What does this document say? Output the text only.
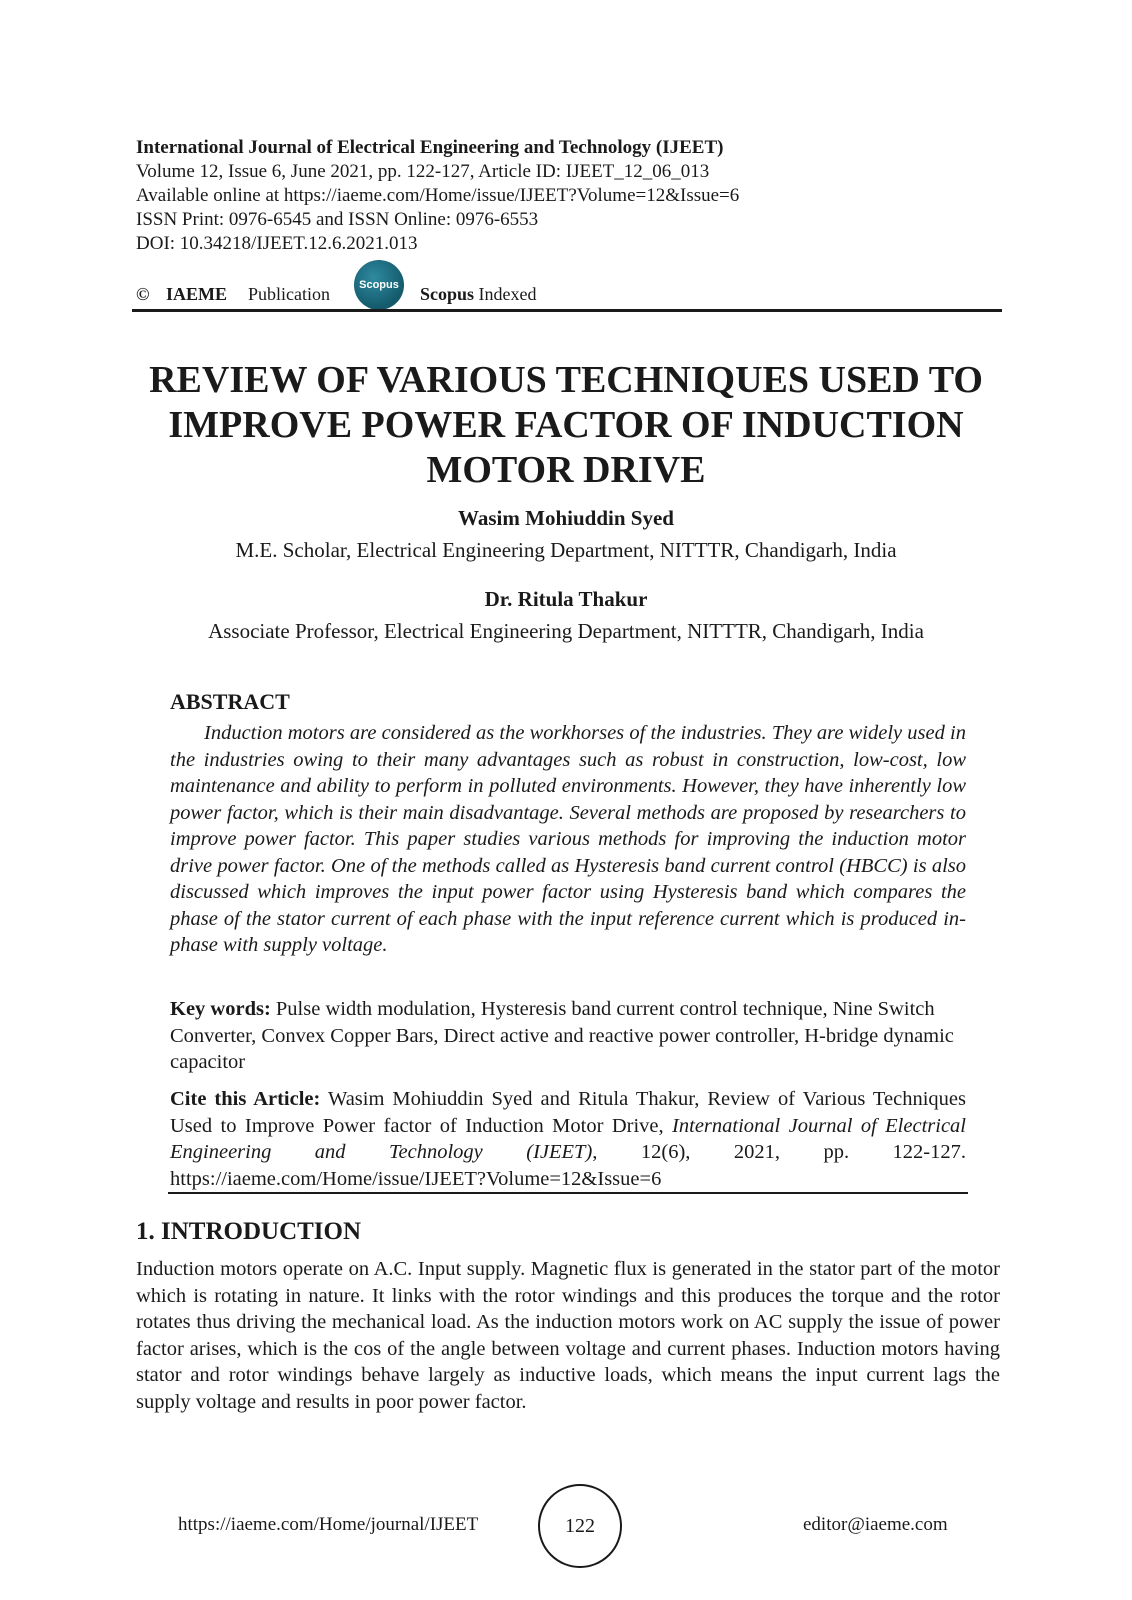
International Journal of Electrical Engineering and Technology (IJEET)
Volume 12, Issue 6, June 2021, pp. 122-127, Article ID: IJEET_12_06_013
Available online at https://iaeme.com/Home/issue/IJEET?Volume=12&Issue=6
ISSN Print: 0976-6545 and ISSN Online: 0976-6553
DOI: 10.34218/IJEET.12.6.2021.013
© IAEME Publication	Scopus Scopus Indexed
REVIEW OF VARIOUS TECHNIQUES USED TO IMPROVE POWER FACTOR OF INDUCTION MOTOR DRIVE
Wasim Mohiuddin Syed
M.E. Scholar, Electrical Engineering Department, NITTTR, Chandigarh, India
Dr. Ritula Thakur
Associate Professor, Electrical Engineering Department, NITTTR, Chandigarh, India
ABSTRACT

Induction motors are considered as the workhorses of the industries. They are widely used in the industries owing to their many advantages such as robust in construction, low-cost, low maintenance and ability to perform in polluted environments. However, they have inherently low power factor, which is their main disadvantage. Several methods are proposed by researchers to improve power factor. This paper studies various methods for improving the induction motor drive power factor. One of the methods called as Hysteresis band current control (HBCC) is also discussed which improves the input power factor using Hysteresis band which compares the phase of the stator current of each phase with the input reference current which is produced in-phase with supply voltage.

Key words: Pulse width modulation, Hysteresis band current control technique, Nine Switch Converter, Convex Copper Bars, Direct active and reactive power controller, H-bridge dynamic capacitor

Cite this Article: Wasim Mohiuddin Syed and Ritula Thakur, Review of Various Techniques Used to Improve Power factor of Induction Motor Drive, International Journal of Electrical Engineering and Technology (IJEET), 12(6), 2021, pp. 122-127. https://iaeme.com/Home/issue/IJEET?Volume=12&Issue=6

1. INTRODUCTION

Induction motors operate on A.C. Input supply. Magnetic flux is generated in the stator part of the motor which is rotating in nature. It links with the rotor windings and this produces the torque and the rotor rotates thus driving the mechanical load. As the induction motors work on AC supply the issue of power factor arises, which is the cos of the angle between voltage and current phases. Induction motors having stator and rotor windings behave largely as inductive loads, which means the input current lags the supply voltage and results in poor power factor.

https://iaeme.com/Home/journal/IJEET	122	editor@iaeme.com
